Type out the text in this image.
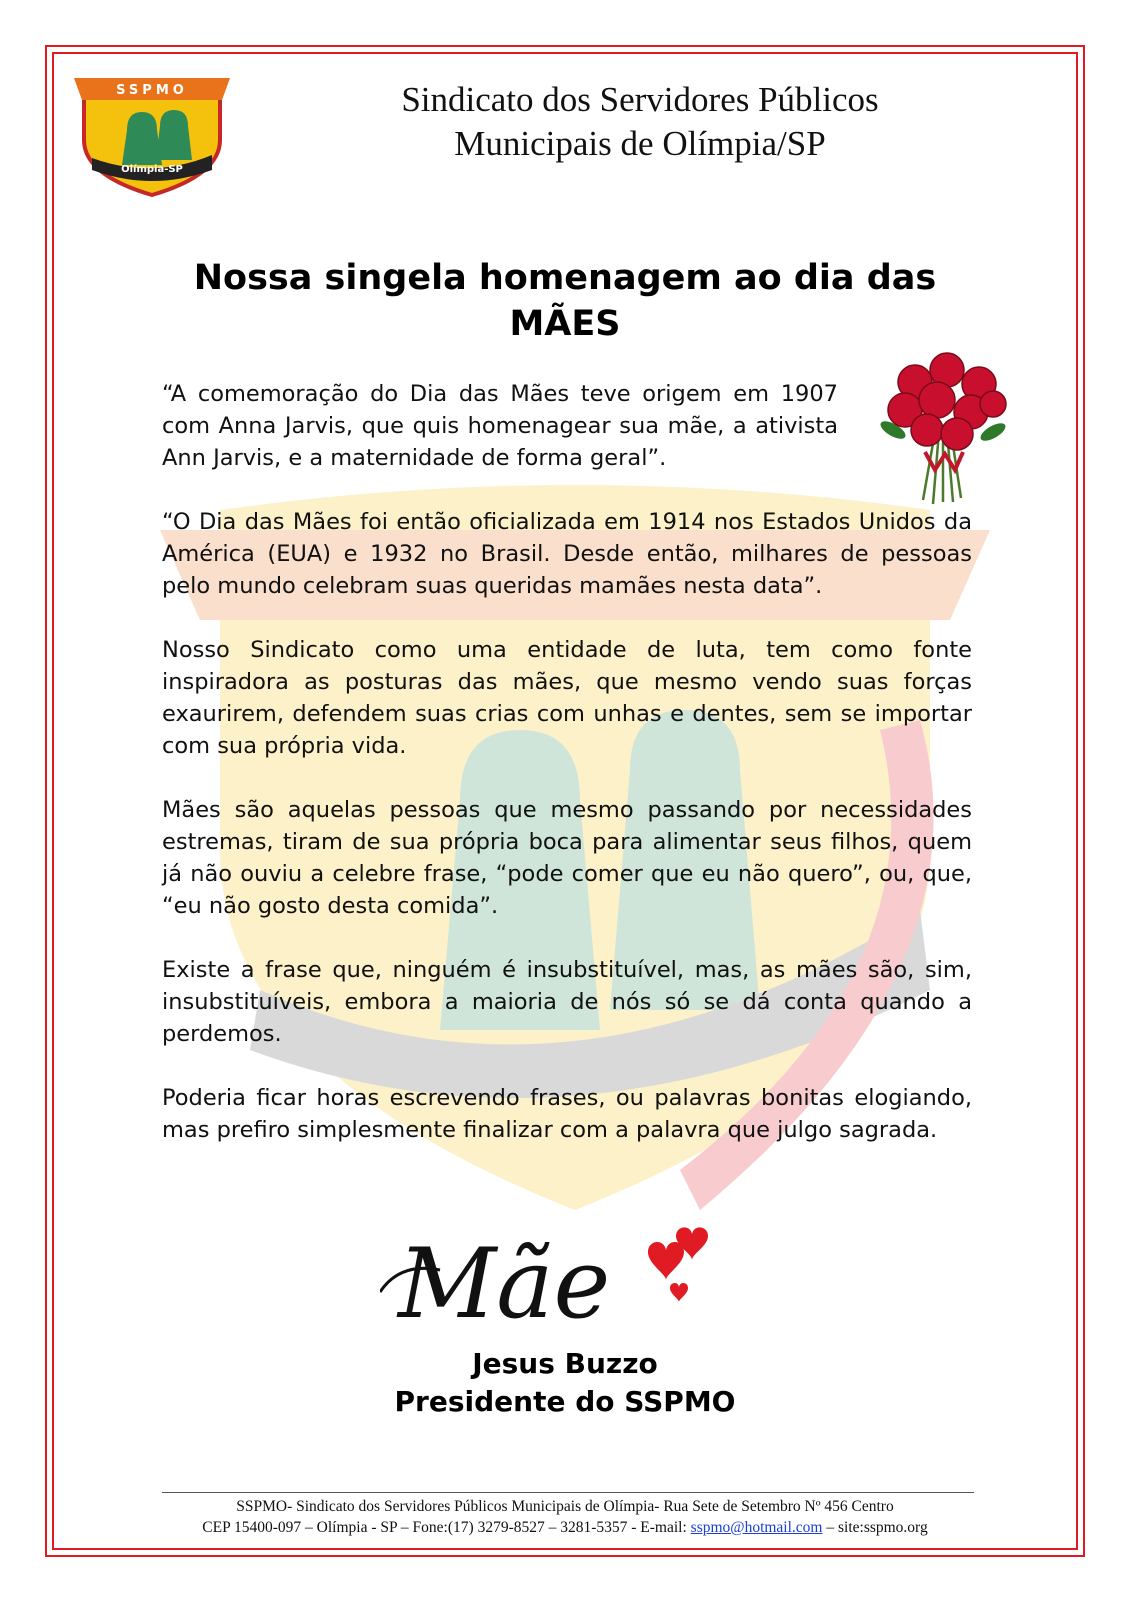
SSPMO
Olímpia-SP
Sindicato dos Servidores Públicos
Municipais de Olímpia/SP
Nossa singela homenagem ao dia das
MÃES

“A comemoração do Dia das Mães teve origem em 1907 com Anna Jarvis, que quis homenagear sua mãe, a ativista Ann Jarvis, e a maternidade de forma geral”.

“O Dia das Mães foi então oficializada em 1914 nos Estados Unidos da América (EUA) e 1932 no Brasil. Desde então, milhares de pessoas pelo mundo celebram suas queridas mamães nesta data”.

Nosso Sindicato como uma entidade de luta, tem como fonte inspiradora as posturas das mães, que mesmo vendo suas forças exaurirem, defendem suas crias com unhas e dentes, sem se importar com sua própria vida.

Mães são aquelas pessoas que mesmo passando por necessidades estremas, tiram de sua própria boca para alimentar seus filhos, quem já não ouviu a celebre frase, “pode comer que eu não quero”, ou, que, “eu não gosto desta comida”.

Existe a frase que, ninguém é insubstituível, mas, as mães são, sim, insubstituíveis, embora a maioria de nós só se dá conta quando a perdemos.

Poderia ficar horas escrevendo frases, ou palavras bonitas elogiando, mas prefiro simplesmente finalizar com a palavra que julgo sagrada.

Mãe
Jesus Buzzo
Presidente do SSPMO
SSPMO- Sindicato dos Servidores Públicos Municipais de Olímpia- Rua Sete de Setembro Nº 456 Centro
CEP 15400-097 – Olímpia - SP – Fone:(17) 3279-8527 – 3281-5357 - E-mail: sspmo@hotmail.com – site:sspmo.org
